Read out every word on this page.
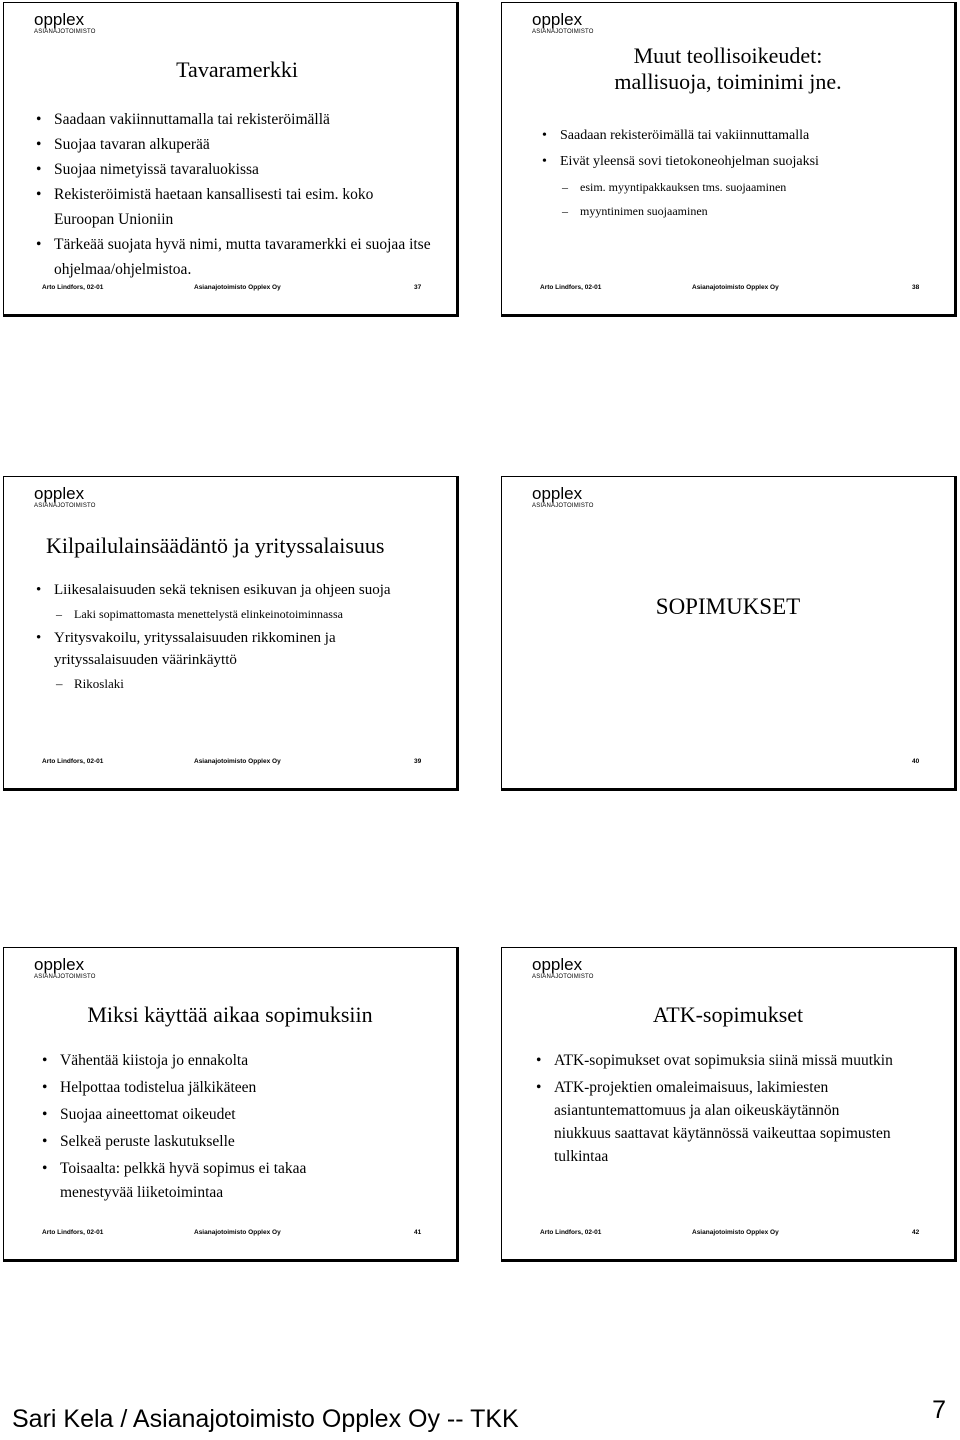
opplex
ASIANAJOTOIMISTO
Tavaramerkki
• Saadaan vakiinnuttamalla tai rekisteröimällä
• Suojaa tavaran alkuperää
• Suojaa nimetyissä tavaraluokissa
• Rekisteröimistä haetaan kansallisesti tai esim. koko Euroopan Unioniin
• Tärkeää suojata hyvä nimi, mutta tavaramerkki ei suojaa itse ohjelmaa/ohjelmistoa.
Arto Lindfors, 02-01	Asianajotoimisto Opplex Oy	37
opplex
ASIANAJOTOIMISTO
Muut teollisoikeudet: mallisuoja, toiminimi jne.
• Saadaan rekisteröimällä tai vakiinnuttamalla
• Eivät yleensä sovi tietokoneohjelman suojaksi
– esim. myyntipakkauksen tms. suojaaminen
– myyntinimen suojaaminen
Arto Lindfors, 02-01	Asianajotoimisto Opplex Oy	38
opplex
ASIANAJOTOIMISTO
Kilpailulainsäädäntö ja yrityssalaisuus
• Liikesalaisuuden sekä teknisen esikuvan ja ohjeen suoja
– Laki sopimattomasta menettelystä elinkeinotoiminnassa
• Yritysvakoilu, yrityssalaisuuden rikkominen ja yrityssalaisuuden väärinkäyttö
– Rikoslaki
Arto Lindfors, 02-01	Asianajotoimisto Opplex Oy	39
opplex
ASIANAJOTOIMISTO
SOPIMUKSET
40
opplex
ASIANAJOTOIMISTO
Miksi käyttää aikaa sopimuksiin
• Vähentää kiistoja jo ennakolta
• Helpottaa todistelua jälkikäteen
• Suojaa aineettomat oikeudet
• Selkeä peruste laskutukselle
• Toisaalta: pelkkä hyvä sopimus ei takaa menestyvää liiketoimintaa
Arto Lindfors, 02-01	Asianajotoimisto Opplex Oy	41
opplex
ASIANAJOTOIMISTO
ATK-sopimukset
• ATK-sopimukset ovat sopimuksia siinä missä muutkin
• ATK-projektien omaleimaisuus, lakimiesten asiantuntemattomuus ja alan oikeuskäytännön niukkuus saattavat käytännössä vaikeuttaa sopimusten tulkintaa
Arto Lindfors, 02-01	Asianajotoimisto Opplex Oy	42
Sari Kela / Asianajotoimisto Opplex Oy -- TKK	7
